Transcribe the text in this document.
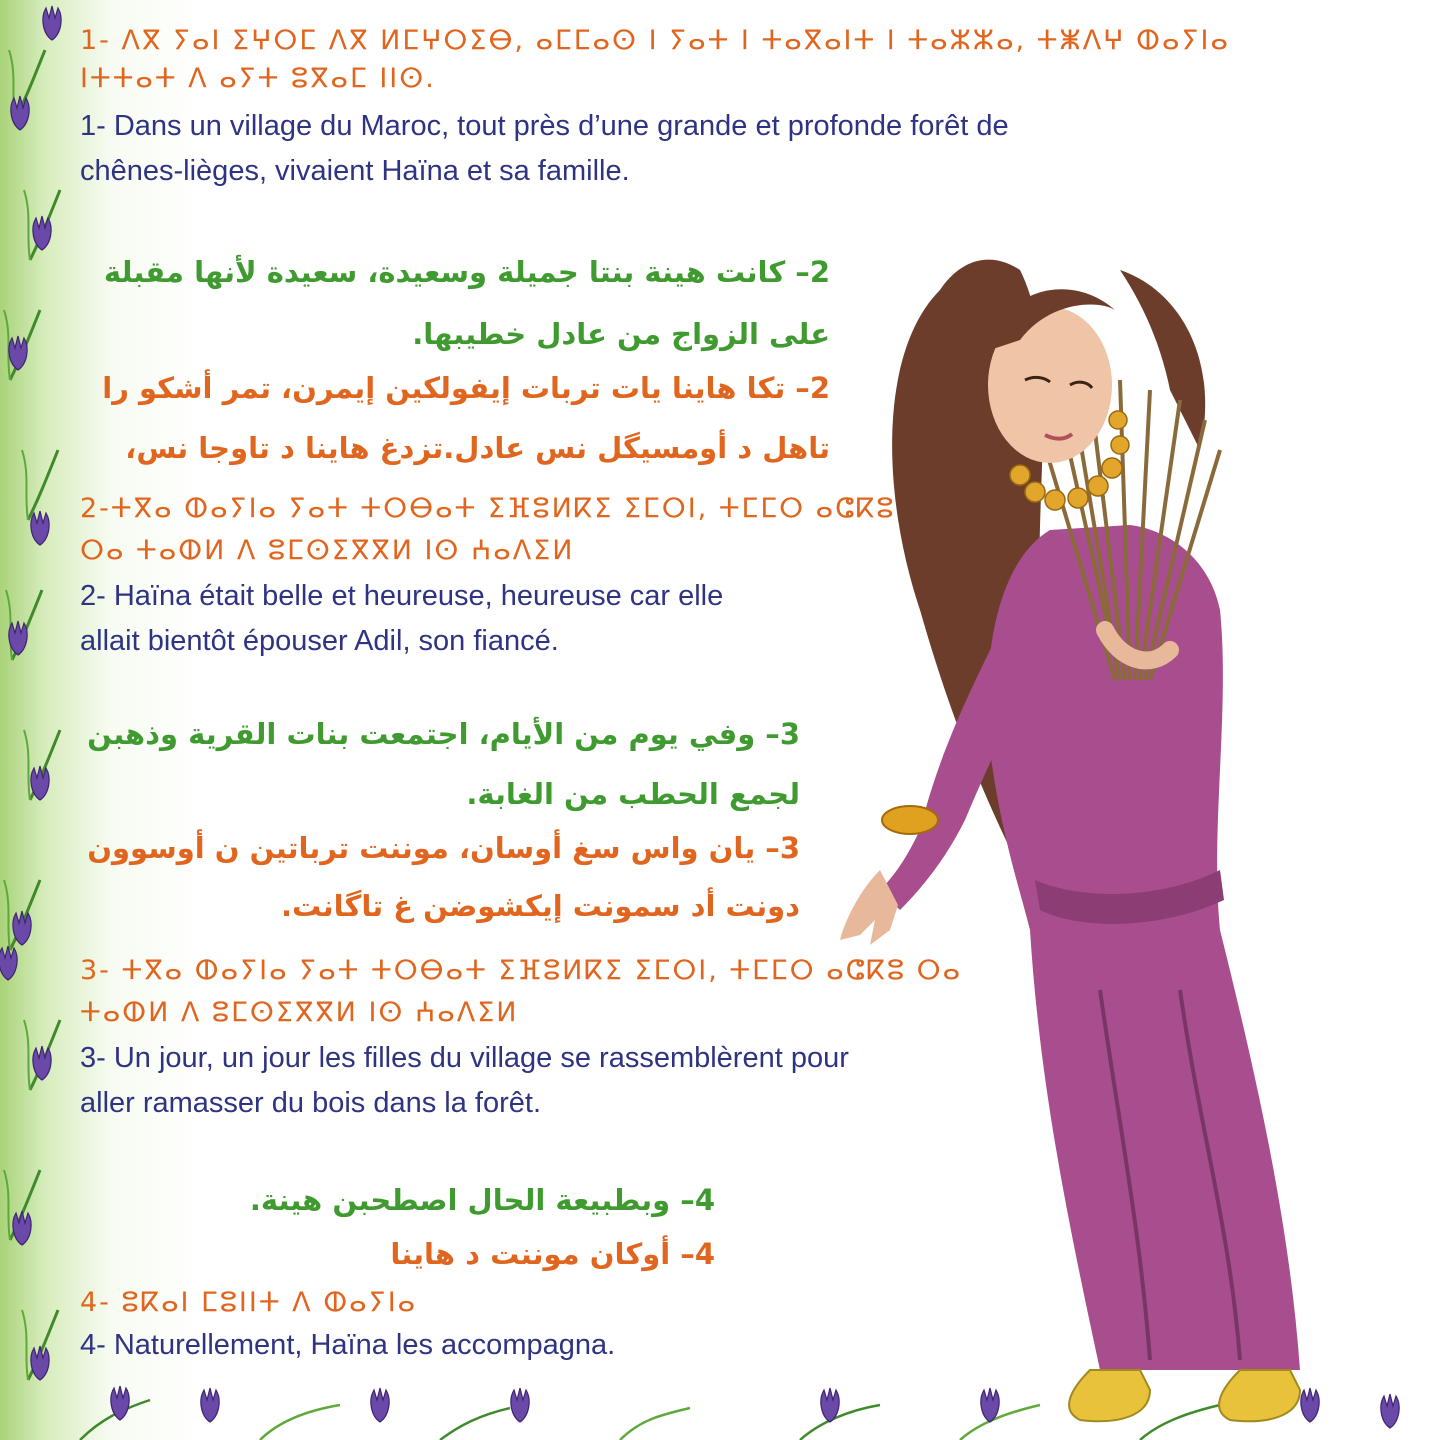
1- ⴷⴳ ⵢⴰⵏ ⵉⵖⵔⵎ ⴷⴳ ⵍⵎⵖⵔⵉⴱ, ⴰⵎⵎⴰⵙ ⵏ ⵢⴰⵜ ⵏ ⵜⴰⴳⴰⵏⵜ ⵏ ⵜⴰⵣⵣⴰ, ⵜⵥⴷⵖ ⵀⴰⵢⵏⴰ

ⵏⵜⵜⴰⵜ ⴷ ⴰⵢⵜ ⵓⴳⴰⵎ ⵏⵏⵙ.

1- Dans un village du Maroc, tout près d’une grande et profonde forêt de

chênes-lièges, vivaient Haïna et sa famille.

2– كانت هينة بنتا جميلة وسعيدة، سعيدة لأنها مقبلة

على الزواج من عادل خطيبها.

2– تكا هاينا يات تربات إيفولكين إيمرن، تمر أشكو را

تاهل د أومسيگل نس عادل.تزدغ هاينا د تاوجا نس،

2-ⵜⴳⴰ ⵀⴰⵢⵏⴰ ⵢⴰⵜ ⵜⵔⴱⴰⵜ ⵉⴼⵓⵍⴽⵉ ⵉⵎⵔⵏ, ⵜⵎⵎⵔ ⴰⵛⴽⵓ

ⵔⴰ ⵜⴰⵀⵍ ⴷ ⵓⵎⵙⵉⴳⴳⵍ ⵏⵙ ⵄⴰⴷⵉⵍ

2- Haïna était belle et heureuse, heureuse car elle

allait bientôt épouser Adil, son fiancé.

3– وفي يوم من الأيام، اجتمعت بنات القرية وذهبن

لجمع الحطب من الغابة.

3– يان واس سغ أوسان، موننت ترباتين ن أوسوون

دونت أد سمونت إيكشوضن غ تاگانت.

3- ⵜⴳⴰ ⵀⴰⵢⵏⴰ ⵢⴰⵜ ⵜⵔⴱⴰⵜ ⵉⴼⵓⵍⴽⵉ ⵉⵎⵔⵏ, ⵜⵎⵎⵔ ⴰⵛⴽⵓ ⵔⴰ

ⵜⴰⵀⵍ ⴷ ⵓⵎⵙⵉⴳⴳⵍ ⵏⵙ ⵄⴰⴷⵉⵍ

3- Un jour, un jour les filles du village se rassemblèrent pour

aller ramasser du bois dans la forêt.

4– وبطبيعة الحال اصطحبن هينة.

4– أوكان موننت د هاينا

4- ⵓⴽⴰⵏ ⵎⵓⵏⵏⵜ ⴷ ⵀⴰⵢⵏⴰ

4- Naturellement, Haïna les accompagna.
